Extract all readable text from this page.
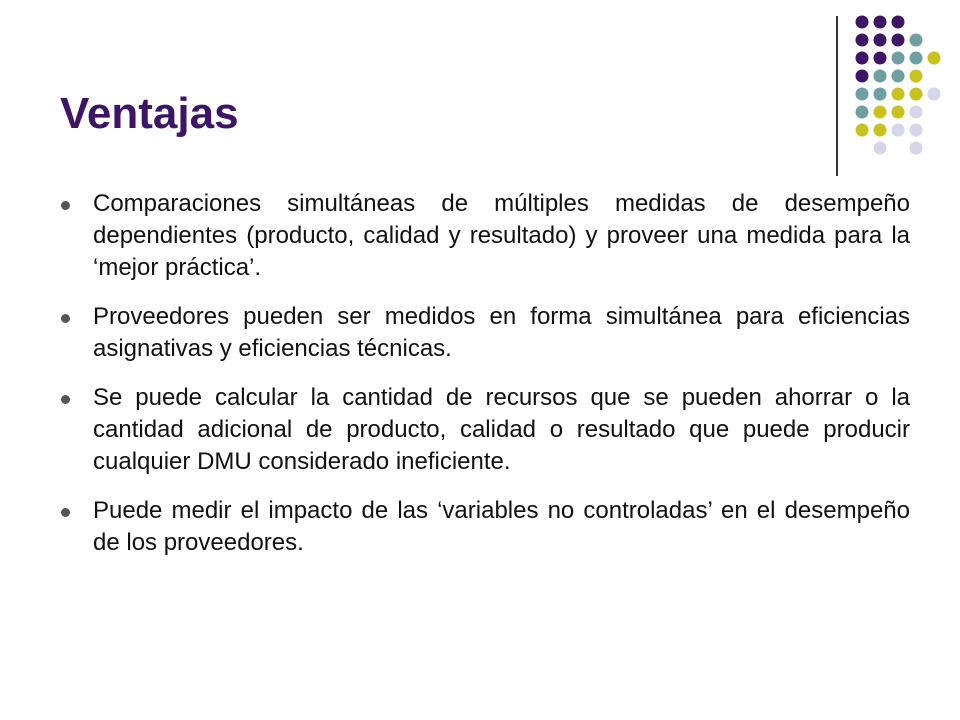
Ventajas
Comparaciones simultáneas de múltiples medidas de desempeño dependientes (producto, calidad y resultado) y proveer una medida para la ‘mejor práctica’.
Proveedores pueden ser medidos en forma simultánea para eficiencias asignativas y eficiencias técnicas.
Se puede calcular la cantidad de recursos que se pueden ahorrar o la cantidad adicional de producto, calidad o resultado que puede producir cualquier DMU considerado ineficiente.
Puede medir el impacto de las ‘variables no controladas’ en el desempeño de los proveedores.
